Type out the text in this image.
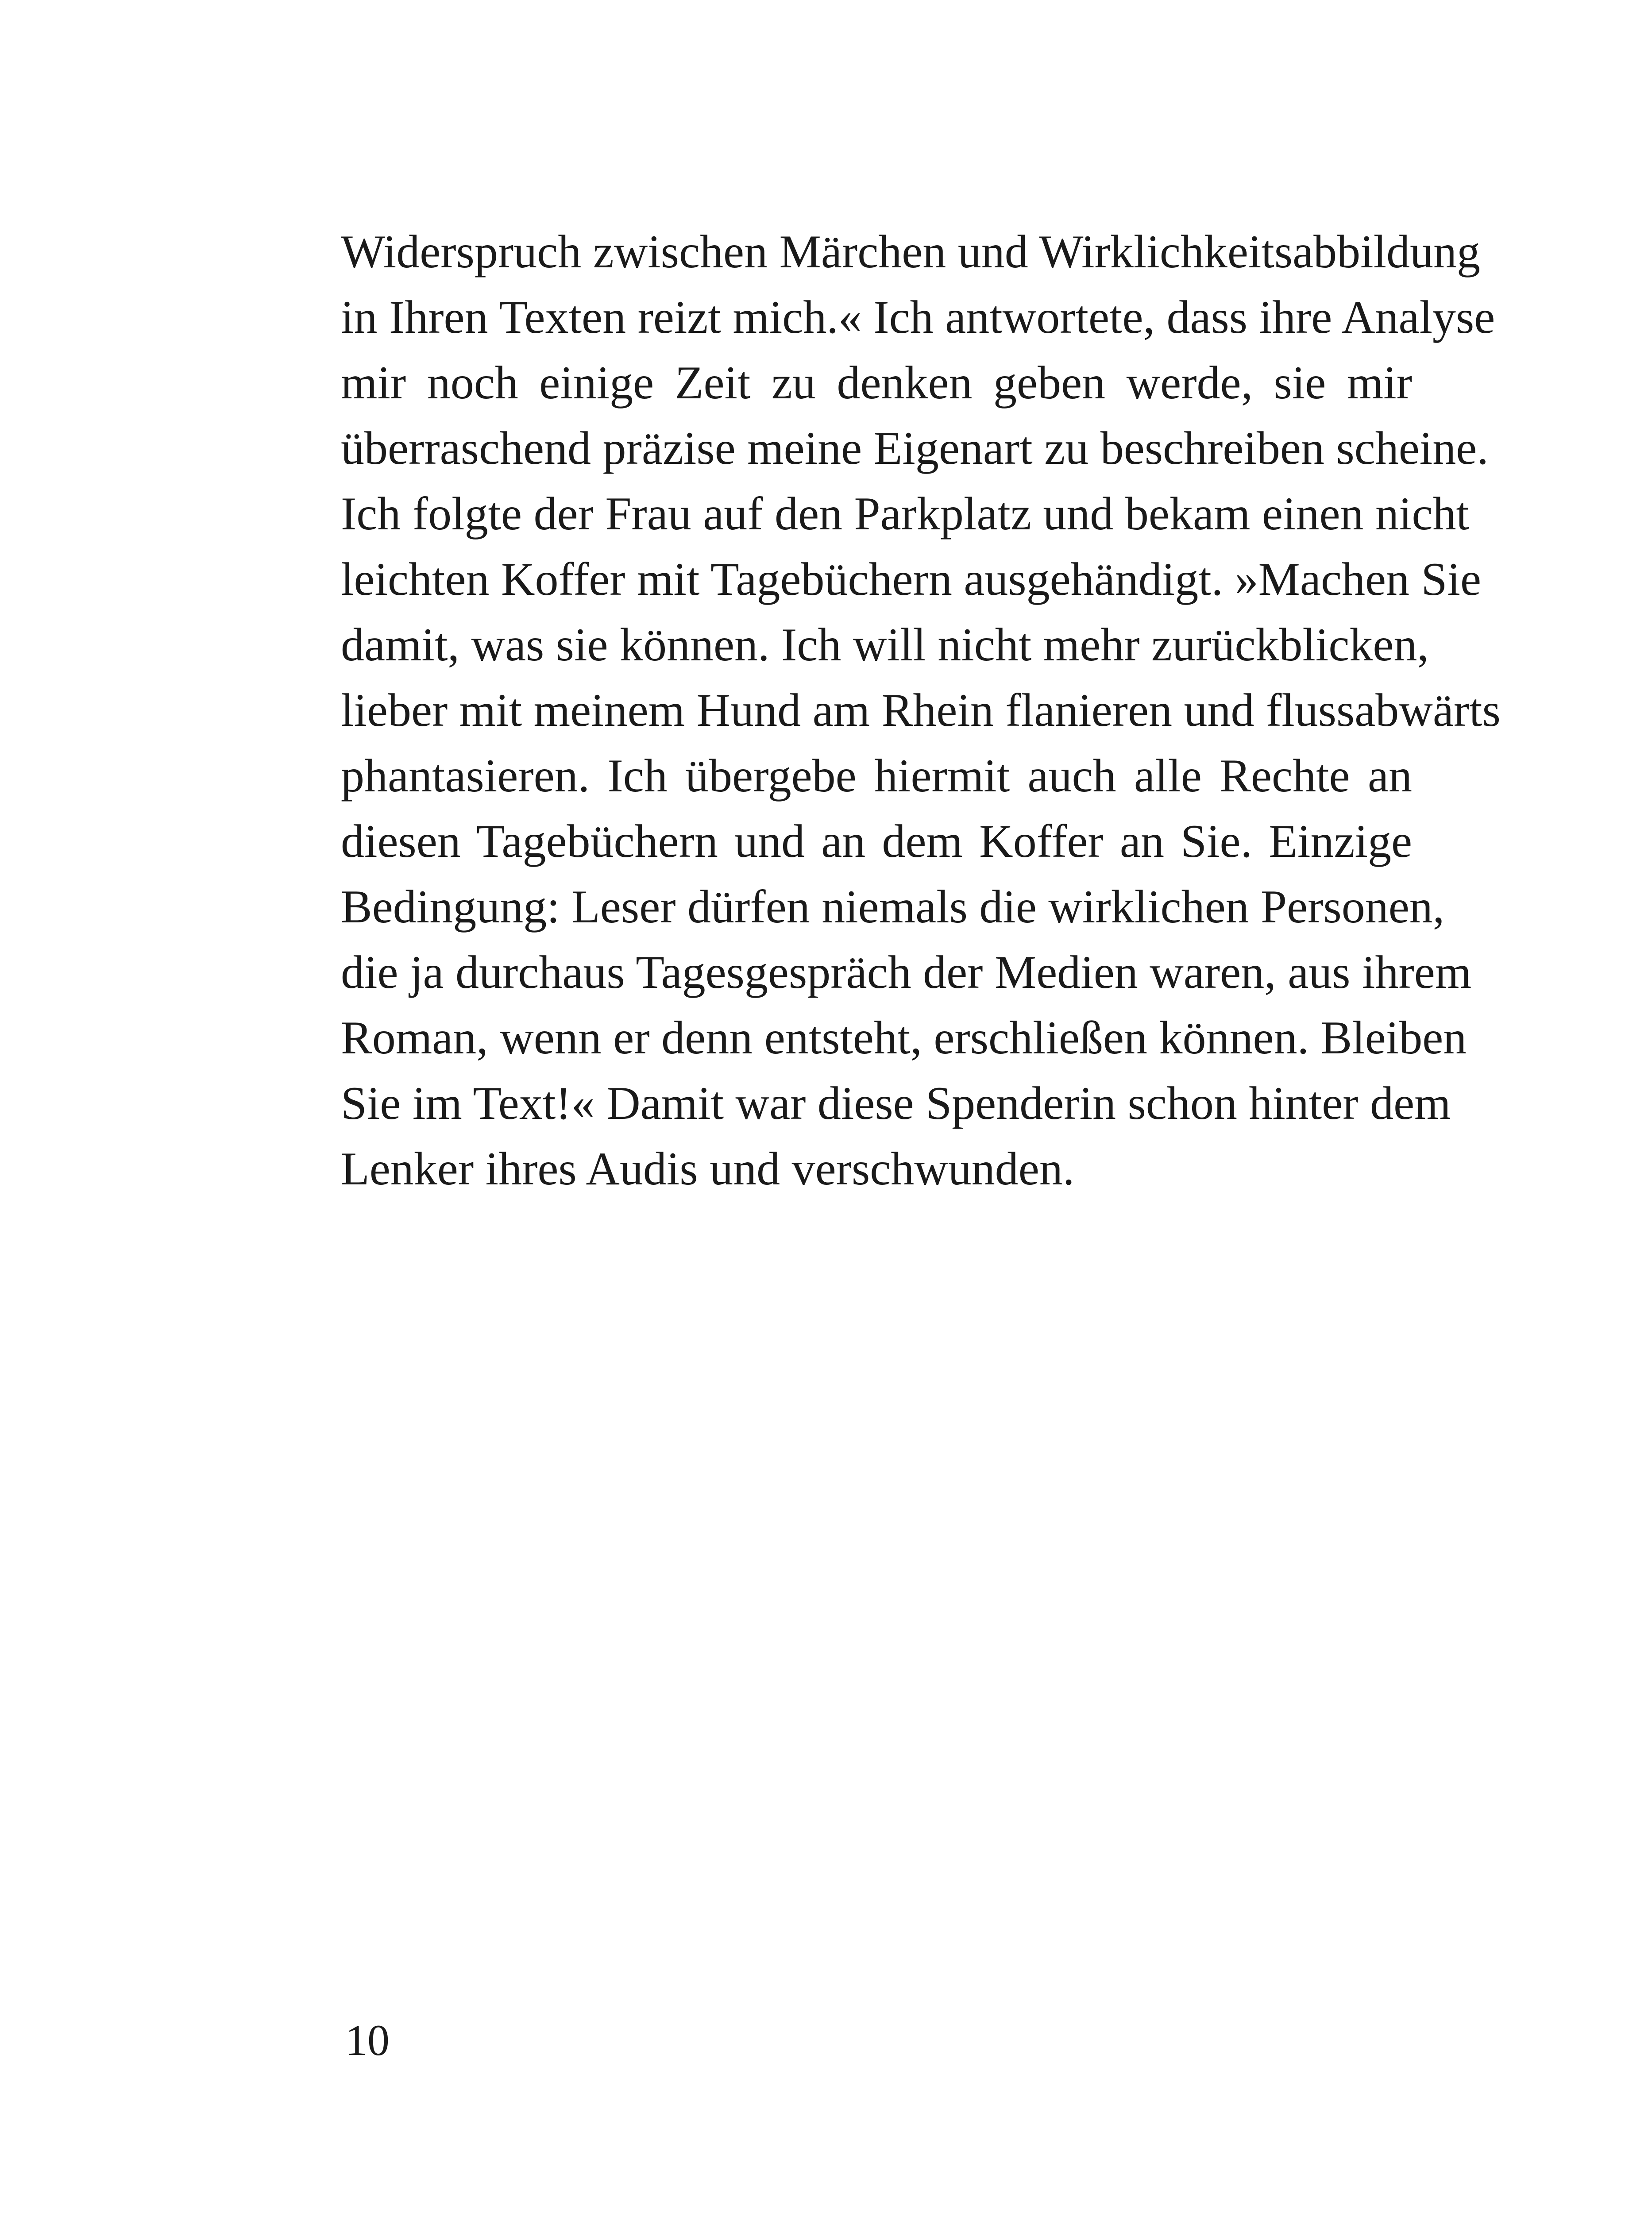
Widerspruch zwischen Märchen und Wirklichkeitsabbildung
in Ihren Texten reizt mich.« Ich antwortete, dass ihre Analyse
mir noch einige Zeit zu denken geben werde, sie mir
überraschend präzise meine Eigenart zu beschreiben scheine.
Ich folgte der Frau auf den Parkplatz und bekam einen nicht
leichten Koffer mit Tagebüchern ausgehändigt. »Machen Sie
damit, was sie können. Ich will nicht mehr zurückblicken,
lieber mit meinem Hund am Rhein flanieren und flussabwärts
phantasieren. Ich übergebe hiermit auch alle Rechte an
diesen Tagebüchern und an dem Koffer an Sie. Einzige
Bedingung: Leser dürfen niemals die wirklichen Personen,
die ja durchaus Tagesgespräch der Medien waren, aus ihrem
Roman, wenn er denn entsteht, erschließen können. Bleiben
Sie im Text!« Damit war diese Spenderin schon hinter dem
Lenker ihres Audis und verschwunden.
10
